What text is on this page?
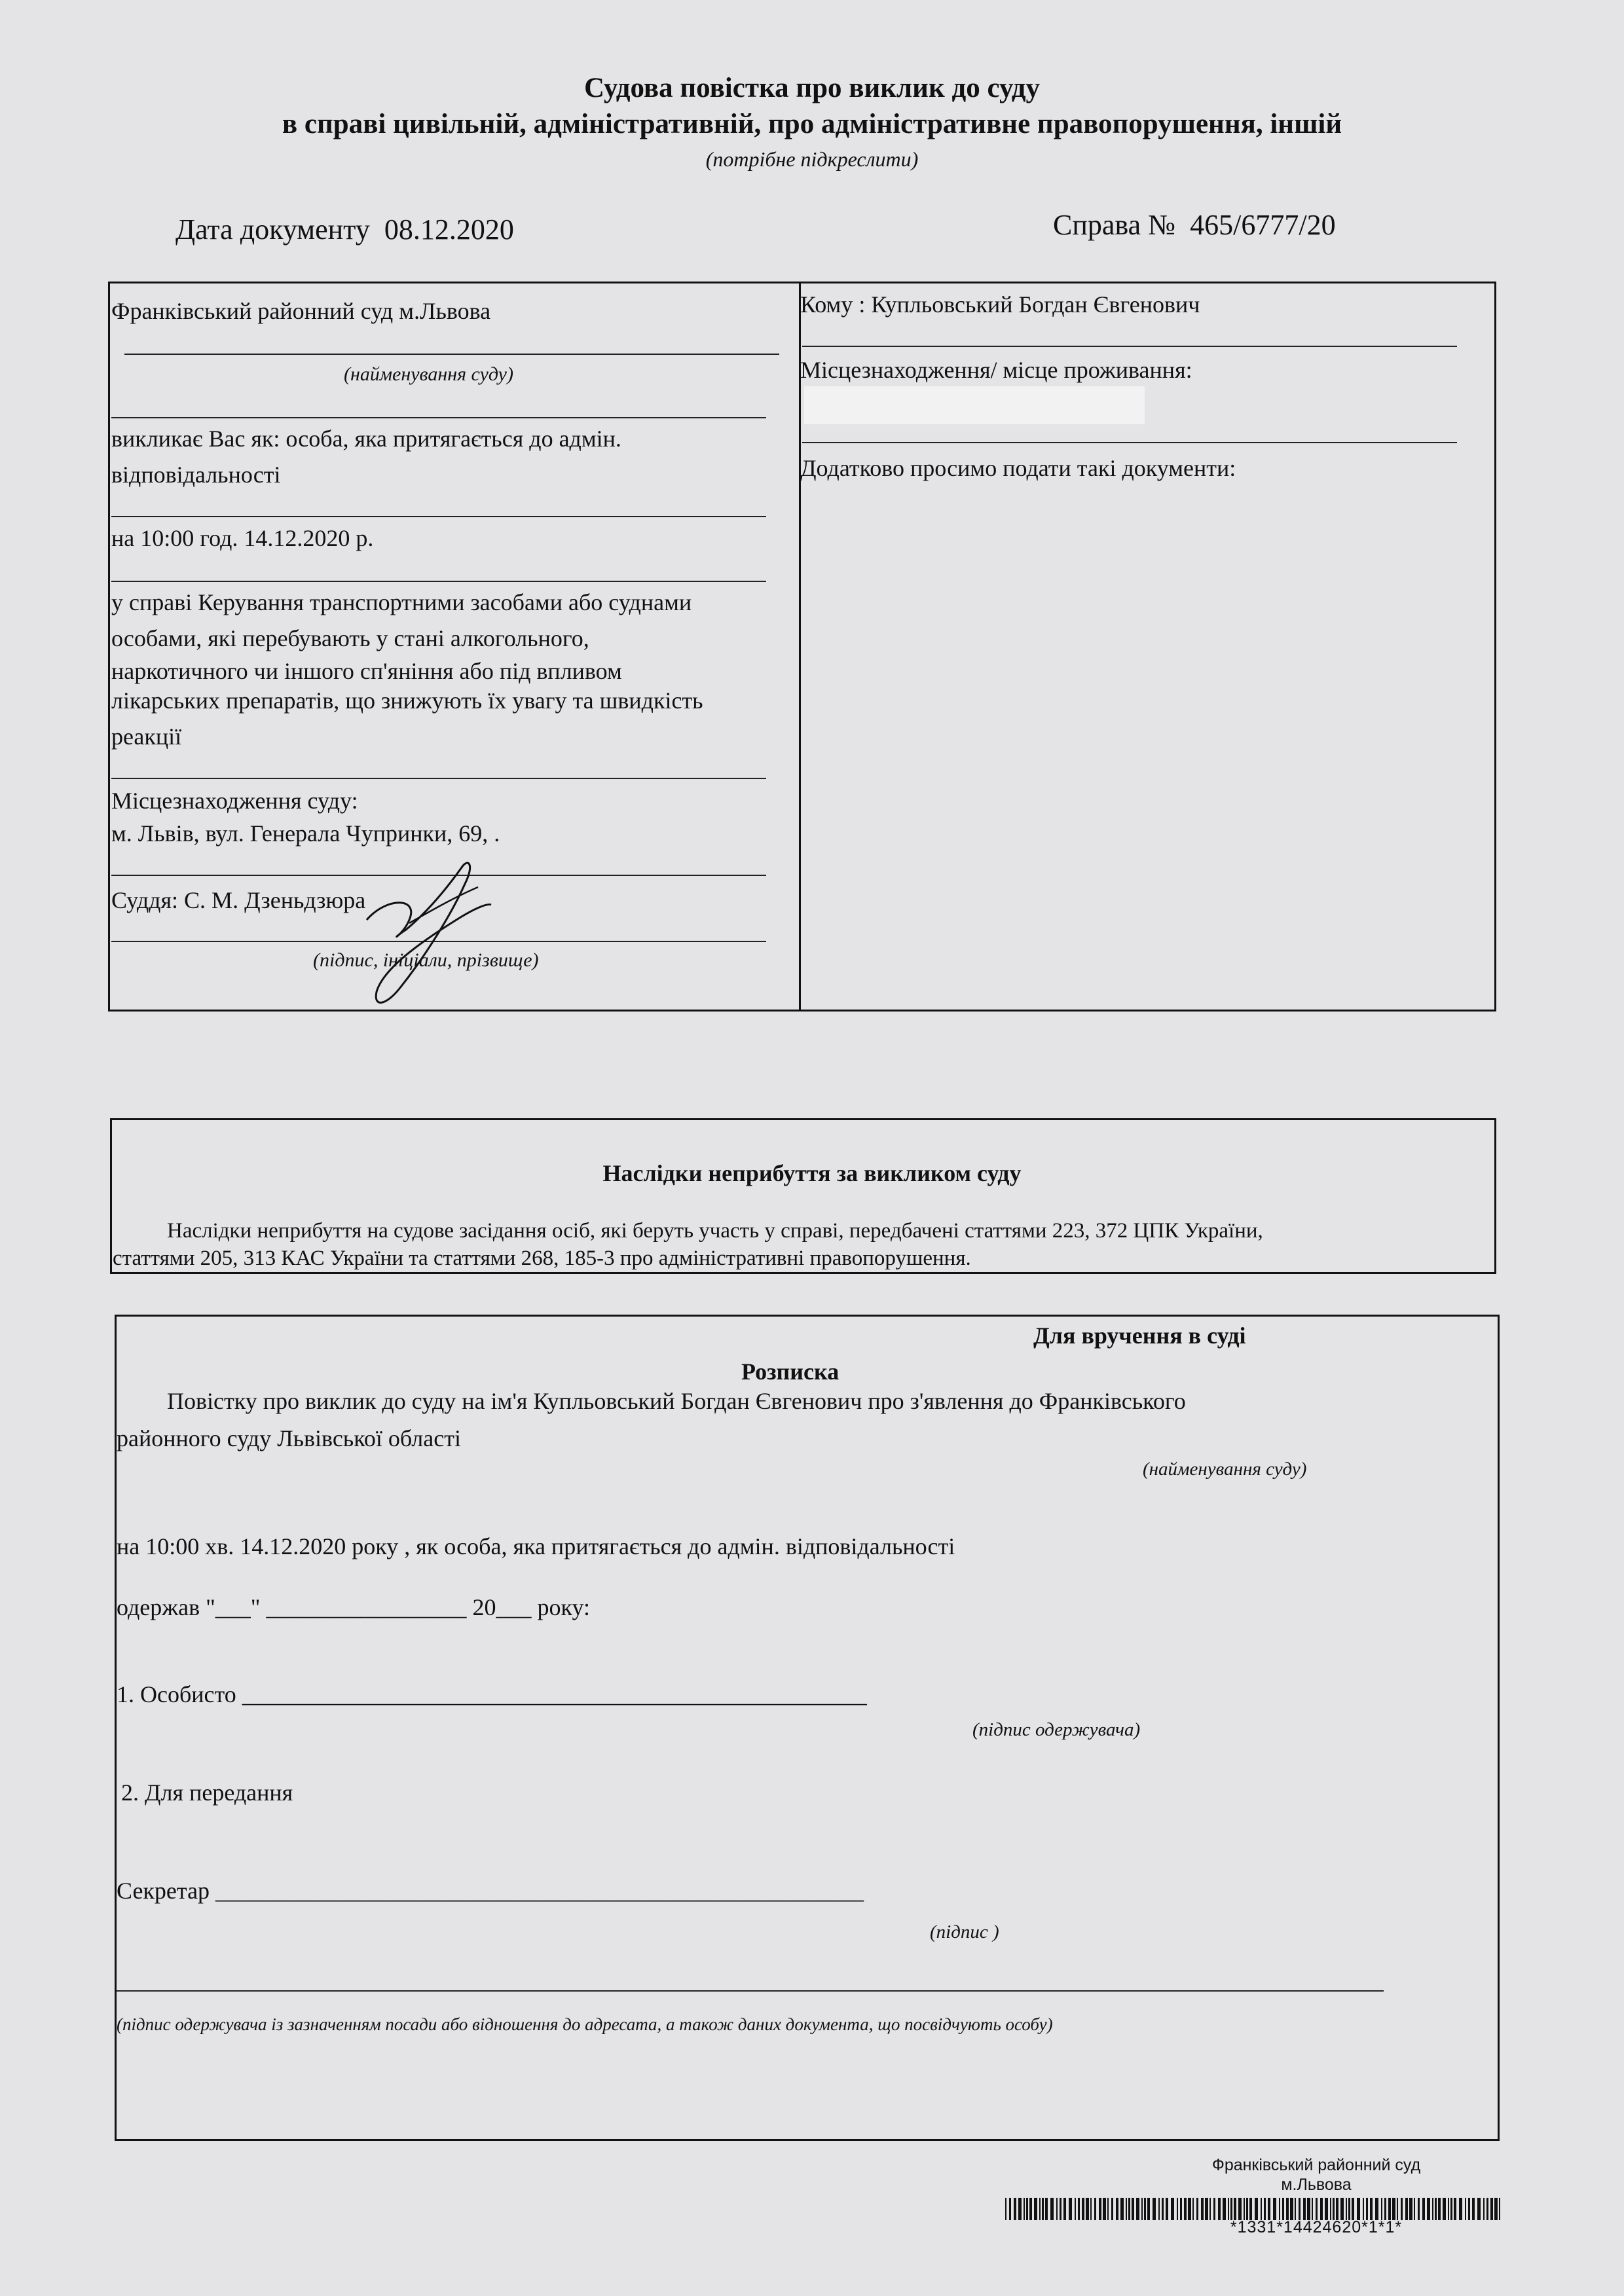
Судова повістка про виклик до суду
в справі цивільній, адміністративній, про адміністративне правопорушення, іншій
(потрібне підкреслити)
Дата документу 08.12.2020	Справа № 465/6777/20
Франківський районний суд м.Львова
(найменування суду)
викликає Вас як: особа, яка притягається до адмін.
відповідальності
на 10:00 год. 14.12.2020 р.
у справі Керування транспортними засобами або суднами
особами, які перебувають у стані алкогольного,
наркотичного чи іншого сп'яніння або під впливом
лікарських препаратів, що знижують їх увагу та швидкість
реакції
Місцезнаходження суду:
м. Львів, вул. Генерала Чупринки, 69, .
Суддя: С. М. Дзеньдзюра
(підпис, ініціали, прізвище)
Кому : Купльовський Богдан Євгенович
Місцезнаходження/ місце проживання:
Додатково просимо подати такі документи:
Наслідки неприбуття за викликом суду
Наслідки неприбуття на судове засідання осіб, які беруть участь у справі, передбачені статтями 223, 372 ЦПК України,
статтями 205, 313 КАС України та статтями 268, 185-3 про адміністративні правопорушення.
Для вручення в суді
Розписка
Повістку про виклик до суду на ім'я Купльовський Богдан Євгенович про з'явлення до Франківського
районного суду Львівської області
(найменування суду)
на 10:00 хв. 14.12.2020 року , як особа, яка притягається до адмін. відповідальності
одержав "___" _________________ 20___ року:
1. Особисто _____________________________________________________
(підпис одержувача)
2. Для передання
Секретар _______________________________________________________
(підпис )
(підпис одержувача із зазначенням посади або відношення до адресата, а також даних документа, що посвідчують особу)
Франківський районний суд
м.Львова
*1331*14424620*1*1*
